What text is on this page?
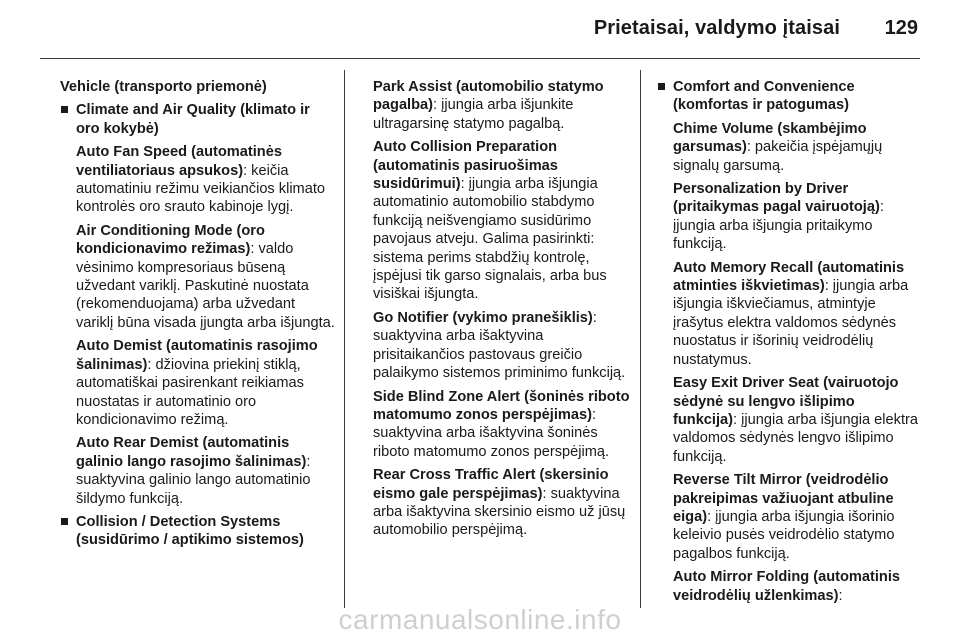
Prietaisai, valdymo įtaisai 129
Vehicle (transporto priemonė)
Climate and Air Quality (klimato ir oro kokybė)
Auto Fan Speed (automatinės ventiliatoriaus apsukos): keičia automatiniu režimu veikiančios klimato kontrolės oro srauto kabinoje lygį.
Air Conditioning Mode (oro kondicionavimo režimas): valdo vėsinimo kompresoriaus būseną užvedant variklį. Paskutinė nuostata (rekomenduojama) arba užvedant variklį būna visada įjungta arba išjungta.
Auto Demist (automatinis rasojimo šalinimas): džiovina priekinį stiklą, automatiškai pasirenkant reikiamas nuostatas ir automatinio oro kondicionavimo režimą.
Auto Rear Demist (automatinis galinio lango rasojimo šalinimas): suaktyvina galinio lango automatinio šildymo funkciją.
Collision / Detection Systems (susidūrimo / aptikimo sistemos)
Park Assist (automobilio statymo pagalba): įjungia arba išjunkite ultragarsinę statymo pagalbą.
Auto Collision Preparation (automatinis pasiruošimas susidūrimui): įjungia arba išjungia automatinio automobilio stabdymo funkciją neišvengiamo susidūrimo pavojaus atveju. Galima pasirinkti: sistema perims stabdžių kontrolę, įspėjusi tik garso signalais, arba bus visiškai išjungta.
Go Notifier (vykimo pranešiklis): suaktyvina arba išaktyvina prisitaikančios pastovaus greičio palaikymo sistemos priminimo funkciją.
Side Blind Zone Alert (šoninės riboto matomumo zonos perspėjimas): suaktyvina arba išaktyvina šoninės riboto matomumo zonos perspėjimą.
Rear Cross Traffic Alert (skersinio eismo gale perspėjimas): suaktyvina arba išaktyvina skersinio eismo už jūsų automobilio perspėjimą.
Comfort and Convenience (komfortas ir patogumas)
Chime Volume (skambėjimo garsumas): pakeičia įspėjamųjų signalų garsumą.
Personalization by Driver (pritaikymas pagal vairuotoją): įjungia arba išjungia pritaikymo funkciją.
Auto Memory Recall (automatinis atminties iškvietimas): įjungia arba išjungia iškviečiamus, atmintyje įrašytus elektra valdomos sėdynės nuostatus ir išorinių veidrodėlių nustatymus.
Easy Exit Driver Seat (vairuotojo sėdynė su lengvo išlipimo funkcija): įjungia arba išjungia elektra valdomos sėdynės lengvo išlipimo funkciją.
Reverse Tilt Mirror (veidrodėlio pakreipimas važiuojant atbuline eiga): įjungia arba išjungia išorinio keleivio pusės veidrodėlio statymo pagalbos funkciją.
Auto Mirror Folding (automatinis veidrodėlių užlenkimas):
carmanualsonline.info
